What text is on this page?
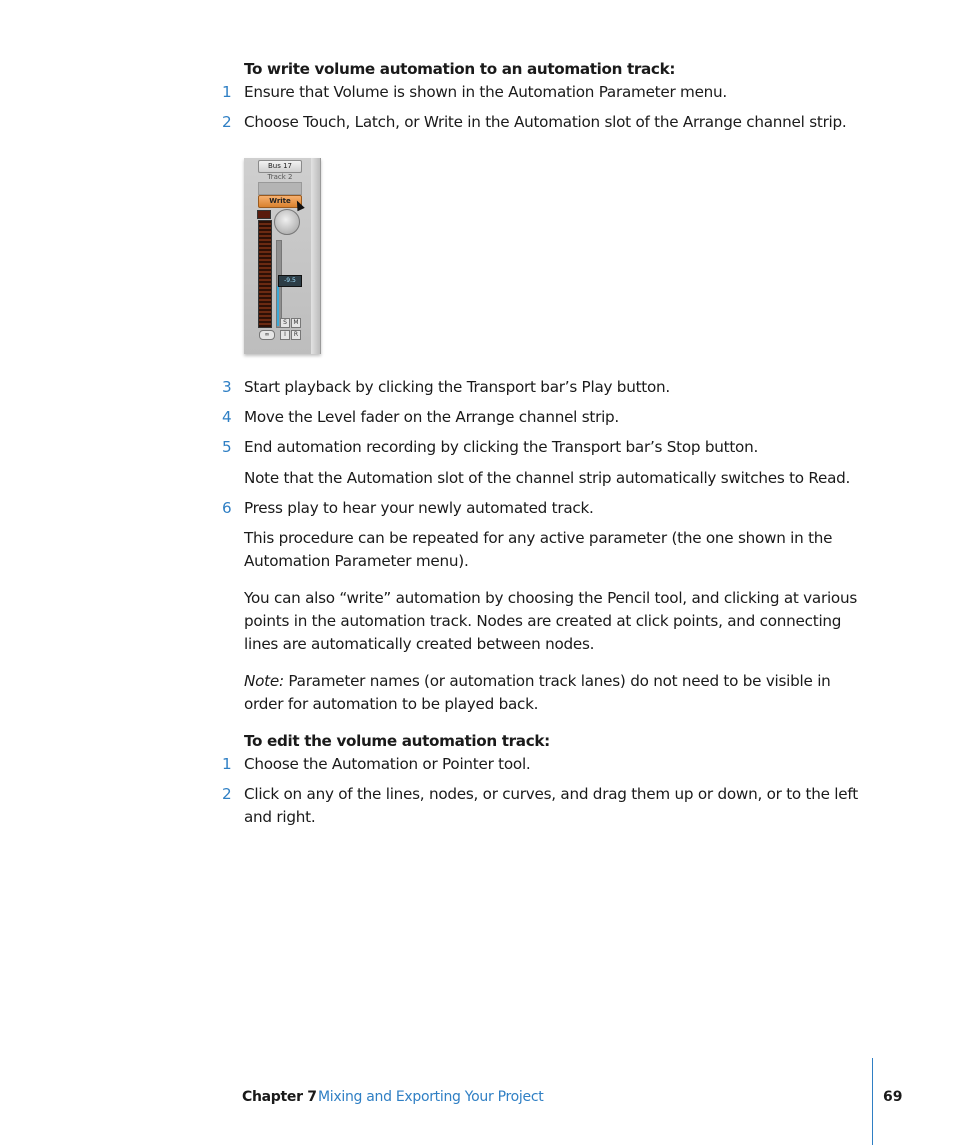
To write volume automation to an automation track:
1 Ensure that Volume is shown in the Automation Parameter menu.
2 Choose Touch, Latch, or Write in the Automation slot of the Arrange channel strip.
Bus 17
Track 2
Write
-9.5
S	M
I	R
∞
3 Start playback by clicking the Transport bar’s Play button.
4 Move the Level fader on the Arrange channel strip.
5 End automation recording by clicking the Transport bar’s Stop button.
Note that the Automation slot of the channel strip automatically switches to Read.
6 Press play to hear your newly automated track.
This procedure can be repeated for any active parameter (the one shown in the Automation Parameter menu).
You can also “write” automation by choosing the Pencil tool, and clicking at various points in the automation track. Nodes are created at click points, and connecting lines are automatically created between nodes.
Note: Parameter names (or automation track lanes) do not need to be visible in order for automation to be played back.
To edit the volume automation track:
1 Choose the Automation or Pointer tool.
2 Click on any of the lines, nodes, or curves, and drag them up or down, or to the left and right.
Chapter 7 Mixing and Exporting Your Project	69
